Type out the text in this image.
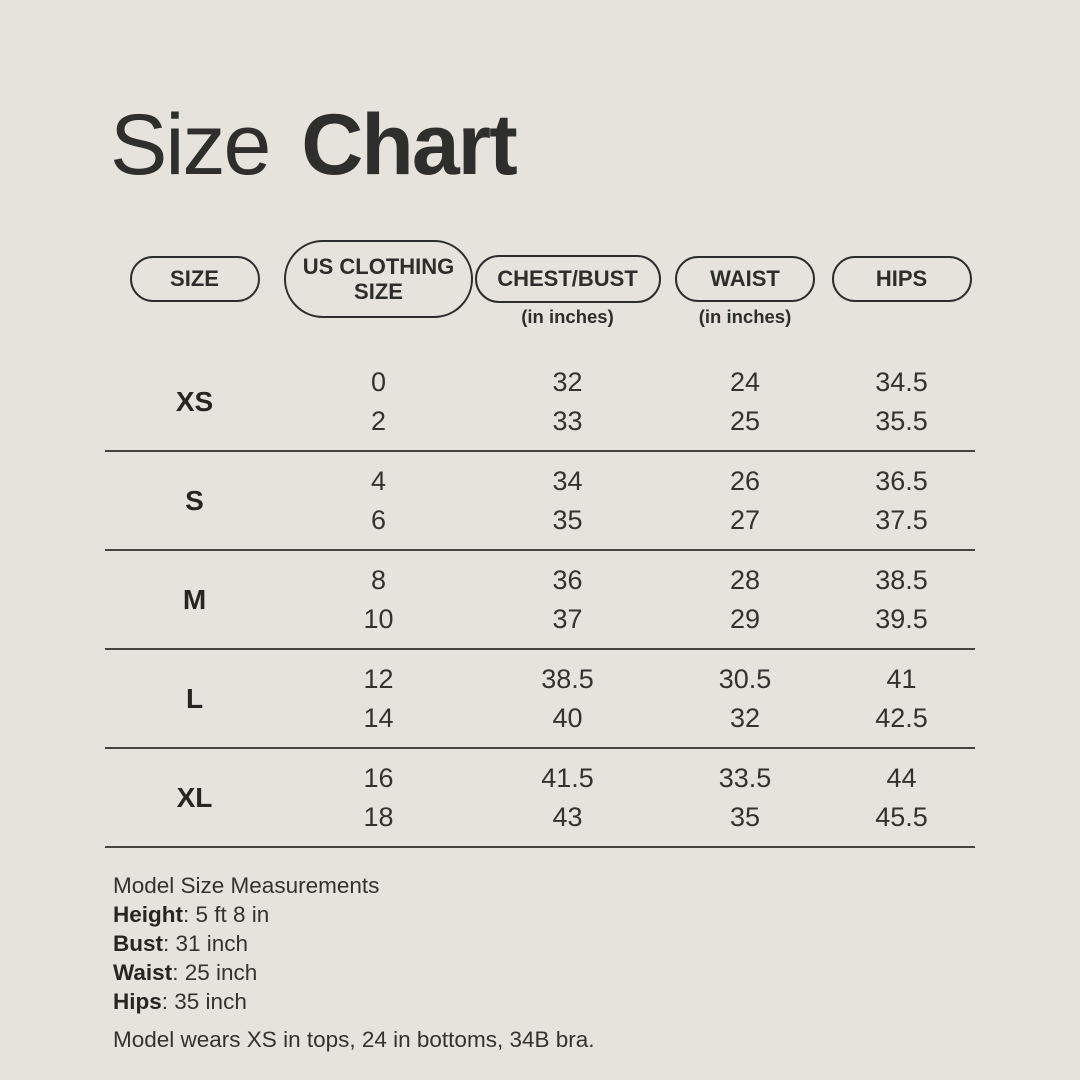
Size Chart
SIZE
US CLOTHING SIZE
CHEST/BUST
(in inches)
WAIST
(in inches)
HIPS
XS
0
2
32
33
24
25
34.5
35.5
S
4
6
34
35
26
27
36.5
37.5
M
8
10
36
37
28
29
38.5
39.5
L
12
14
38.5
40
30.5
32
41
42.5
XL
16
18
41.5
43
33.5
35
44
45.5
Model Size Measurements
Height: 5 ft 8 in
Bust: 31 inch
Waist: 25 inch
Hips: 35 inch
Model wears XS in tops, 24 in bottoms, 34B bra.
